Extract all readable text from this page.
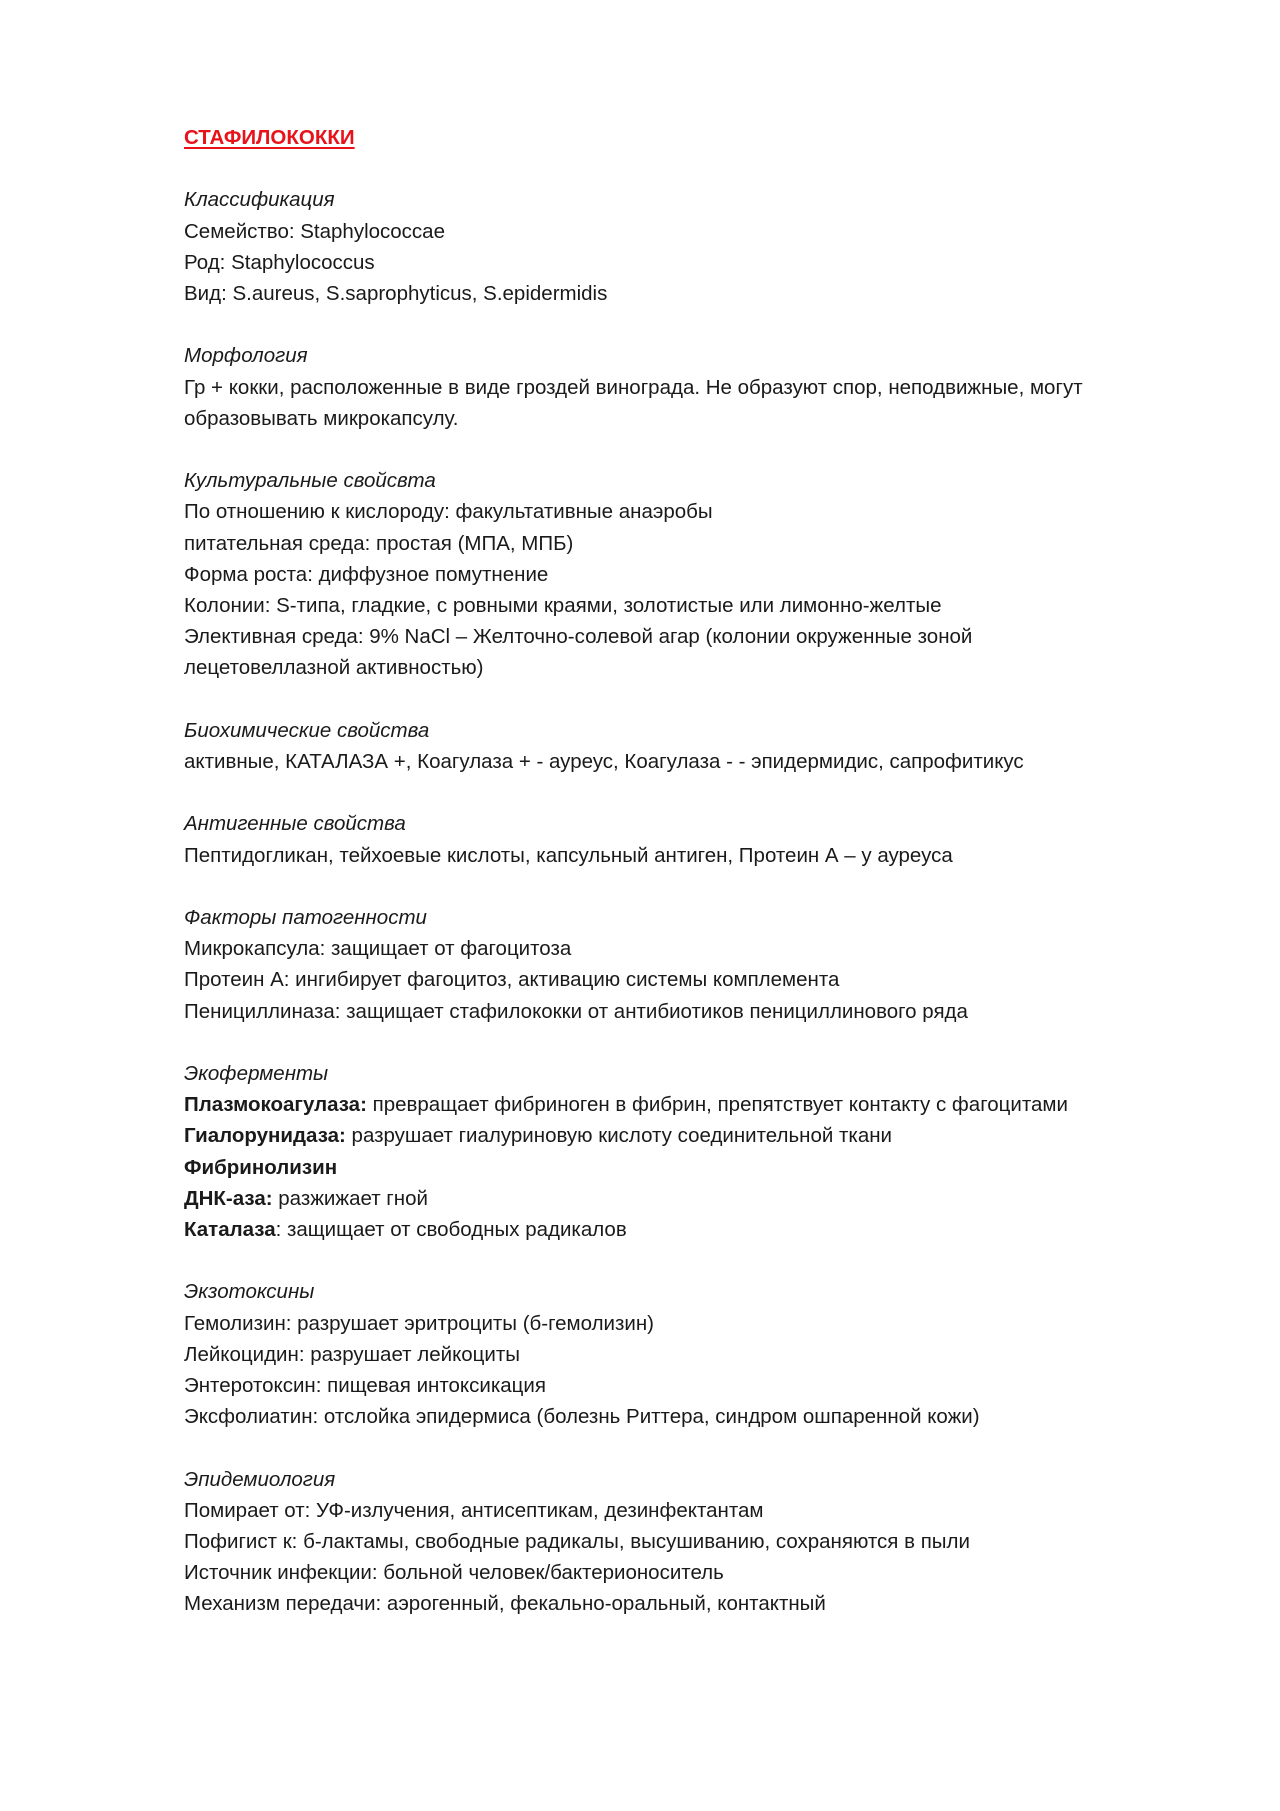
СТАФИЛОКОККИ
Классификация
Семейство: Staphylococcae
Род: Staphylococcus
Вид: S.aureus, S.saprophyticus, S.epidermidis
Морфология
Гр + кокки, расположенные в виде гроздей винограда. Не образуют спор, неподвижные, могут
образовывать микрокапсулу.
Культуральные свойсвта
По отношению к кислороду: факультативные анаэробы
питательная среда: простая (МПА, МПБ)
Форма роста: диффузное помутнение
Колонии: S-типа, гладкие, с ровными краями, золотистые или лимонно-желтые
Элективная среда: 9% NaCl – Желточно-солевой агар (колонии окруженные зоной
лецетовеллазной активностью)
Биохимические свойства
активные, КАТАЛАЗА +, Коагулаза + - ауреус, Коагулаза - - эпидермидис, сапрофитикус
Антигенные свойства
Пептидогликан, тейхоевые кислоты, капсульный антиген, Протеин А – у ауреуса
Факторы патогенности
Микрокапсула: защищает от фагоцитоза
Протеин А: ингибирует фагоцитоз, активацию системы комплемента
Пенициллиназа: защищает стафилококки от антибиотиков пенициллинового ряда
Экоферменты
Плазмокоагулаза: превращает фибриноген в фибрин, препятствует контакту с фагоцитами
Гиалорунидаза: разрушает гиалуриновую кислоту соединительной ткани
Фибринолизин
ДНК-аза: разжижает гной
Каталаза: защищает от свободных радикалов
Экзотоксины
Гемолизин: разрушает эритроциты (б-гемолизин)
Лейкоцидин: разрушает лейкоциты
Энтеротоксин: пищевая интоксикация
Эксфолиатин: отслойка эпидермиса (болезнь Риттера, синдром ошпаренной кожи)
Эпидемиология
Помирает от: УФ-излучения, антисептикам, дезинфектантам
Пофигист к: б-лактамы, свободные радикалы, высушиванию, сохраняются в пыли
Источник инфекции: больной человек/бактерионоситель
Механизм передачи: аэрогенный, фекально-оральный, контактный
